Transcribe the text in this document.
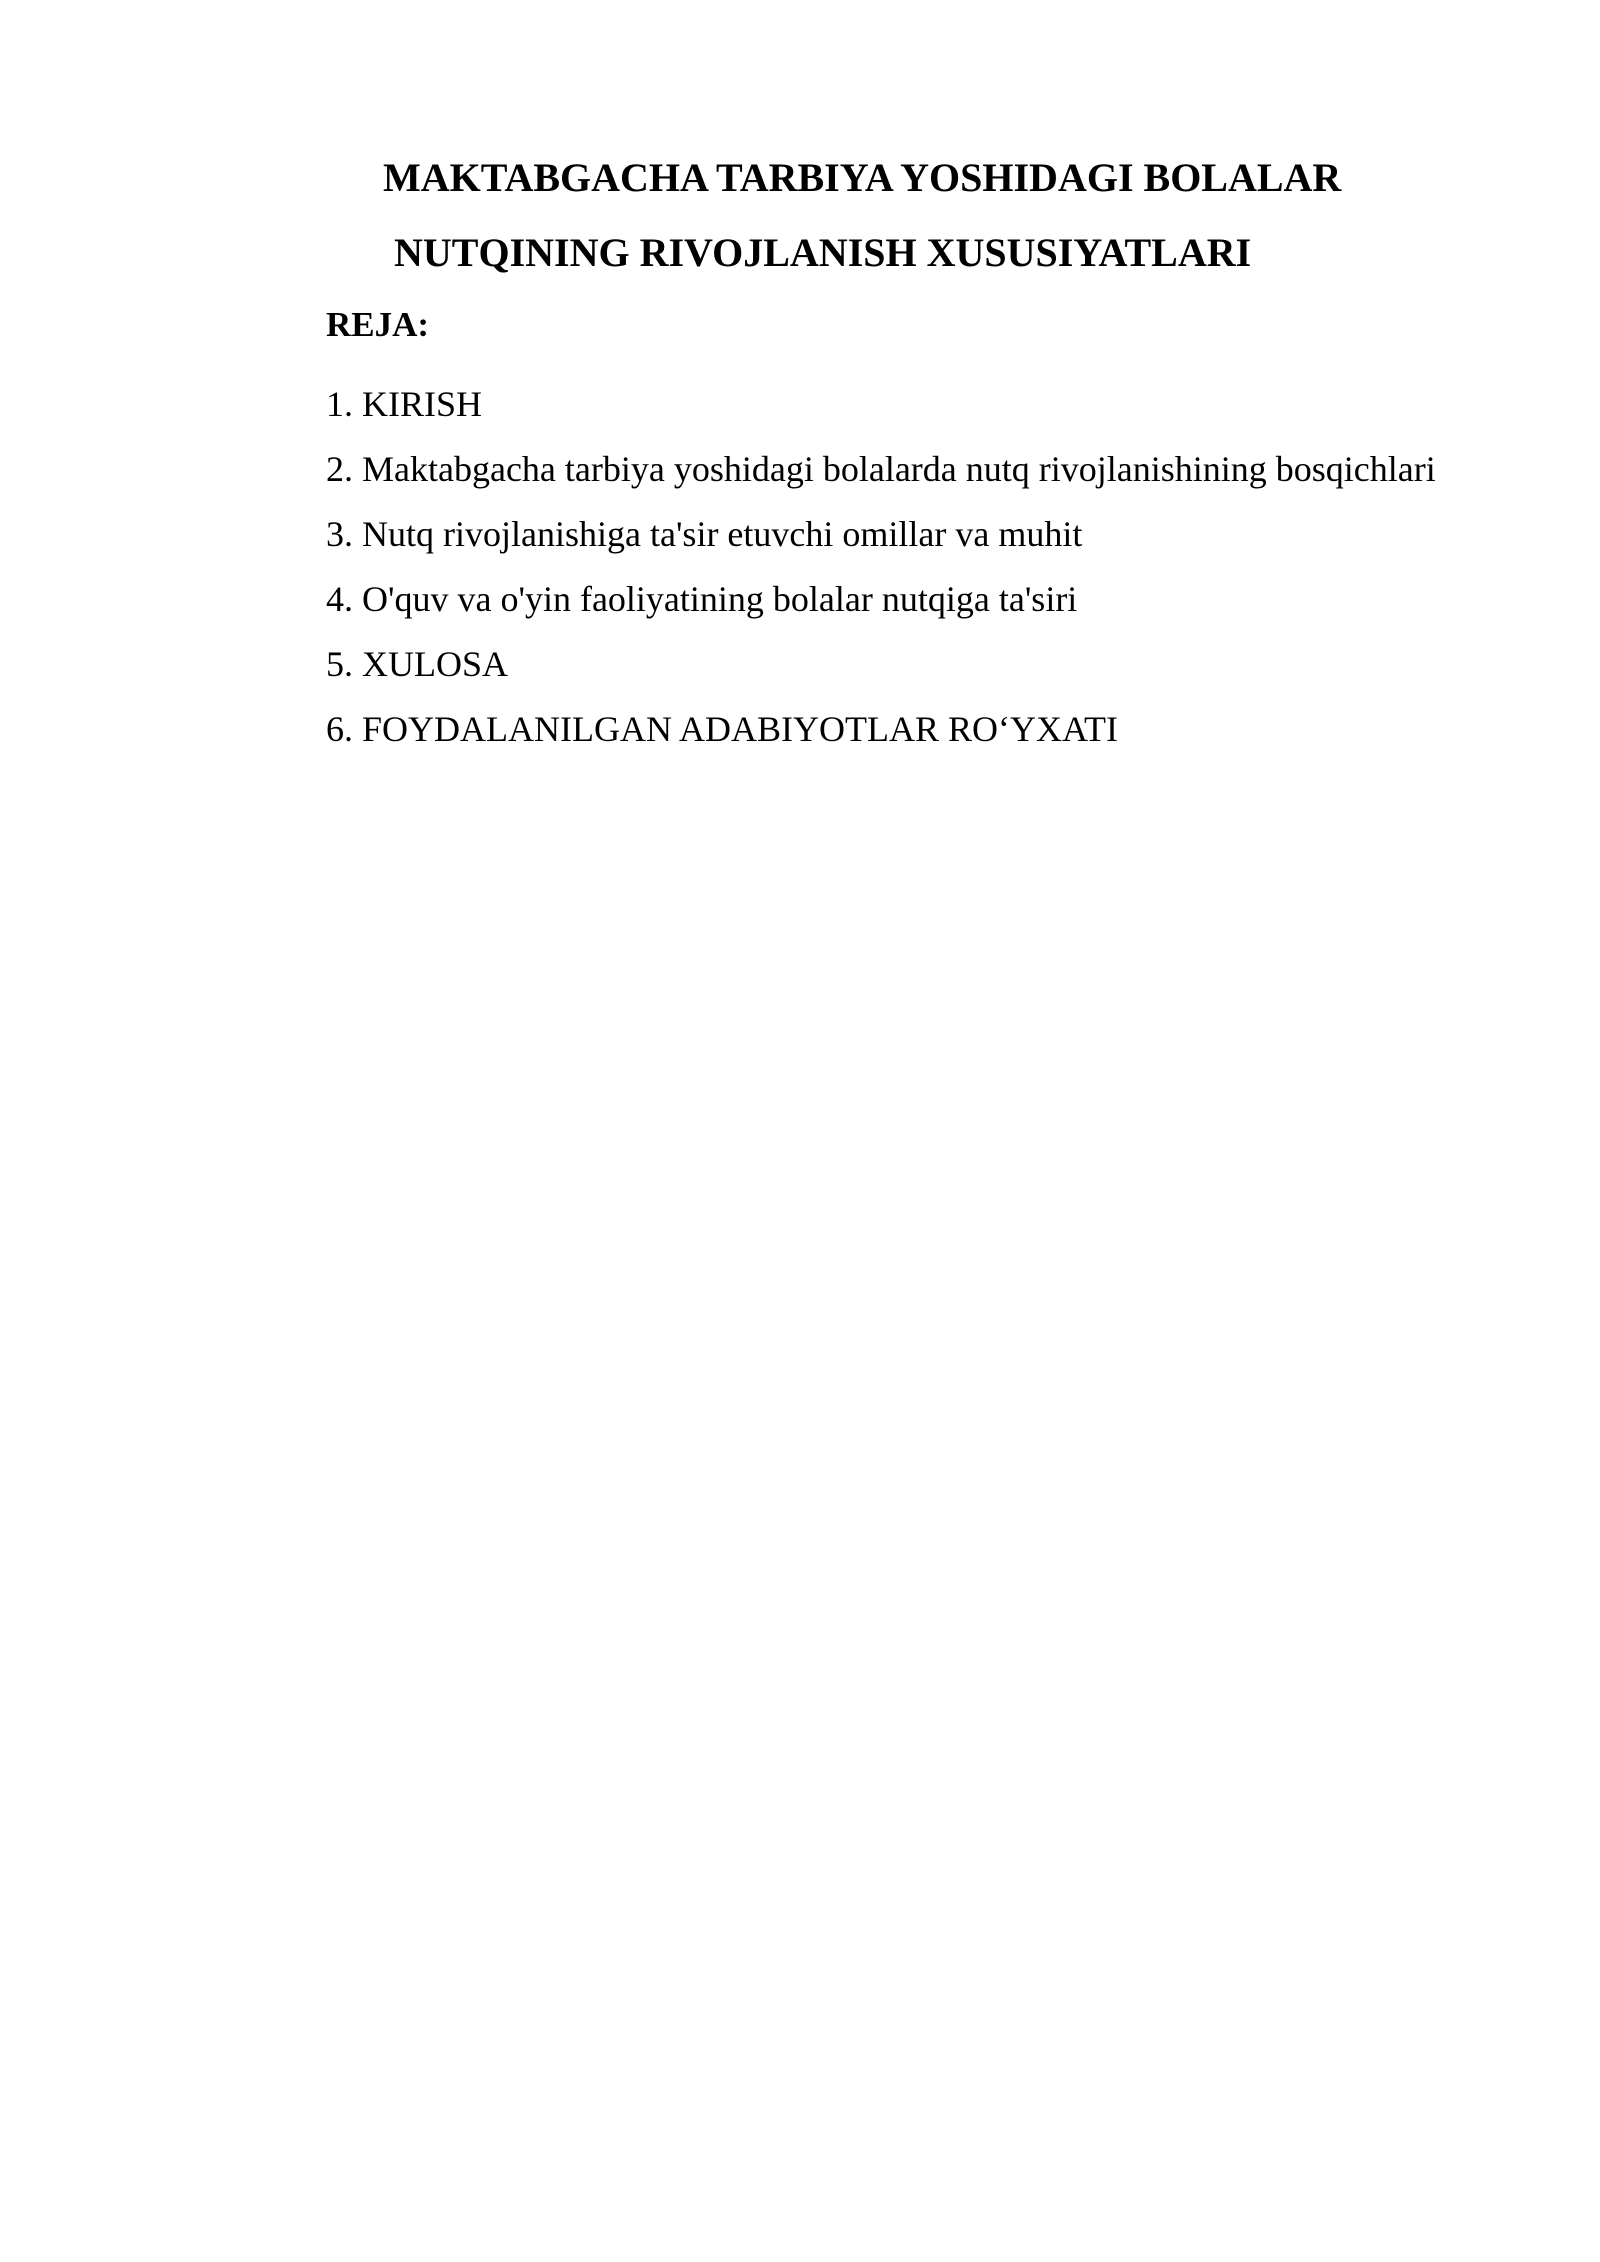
MAKTABGACHA TARBIYA YOSHIDAGI BOLALAR
NUTQINING RIVOJLANISH XUSUSIYATLARI
REJA:
1. KIRISH
2. Maktabgacha tarbiya yoshidagi bolalarda nutq rivojlanishining bosqichlari
3. Nutq rivojlanishiga ta'sir etuvchi omillar va muhit
4. O'quv va o'yin faoliyatining bolalar nutqiga ta'siri
5. XULOSA
6. FOYDALANILGAN ADABIYOTLAR RO‘YXATI
